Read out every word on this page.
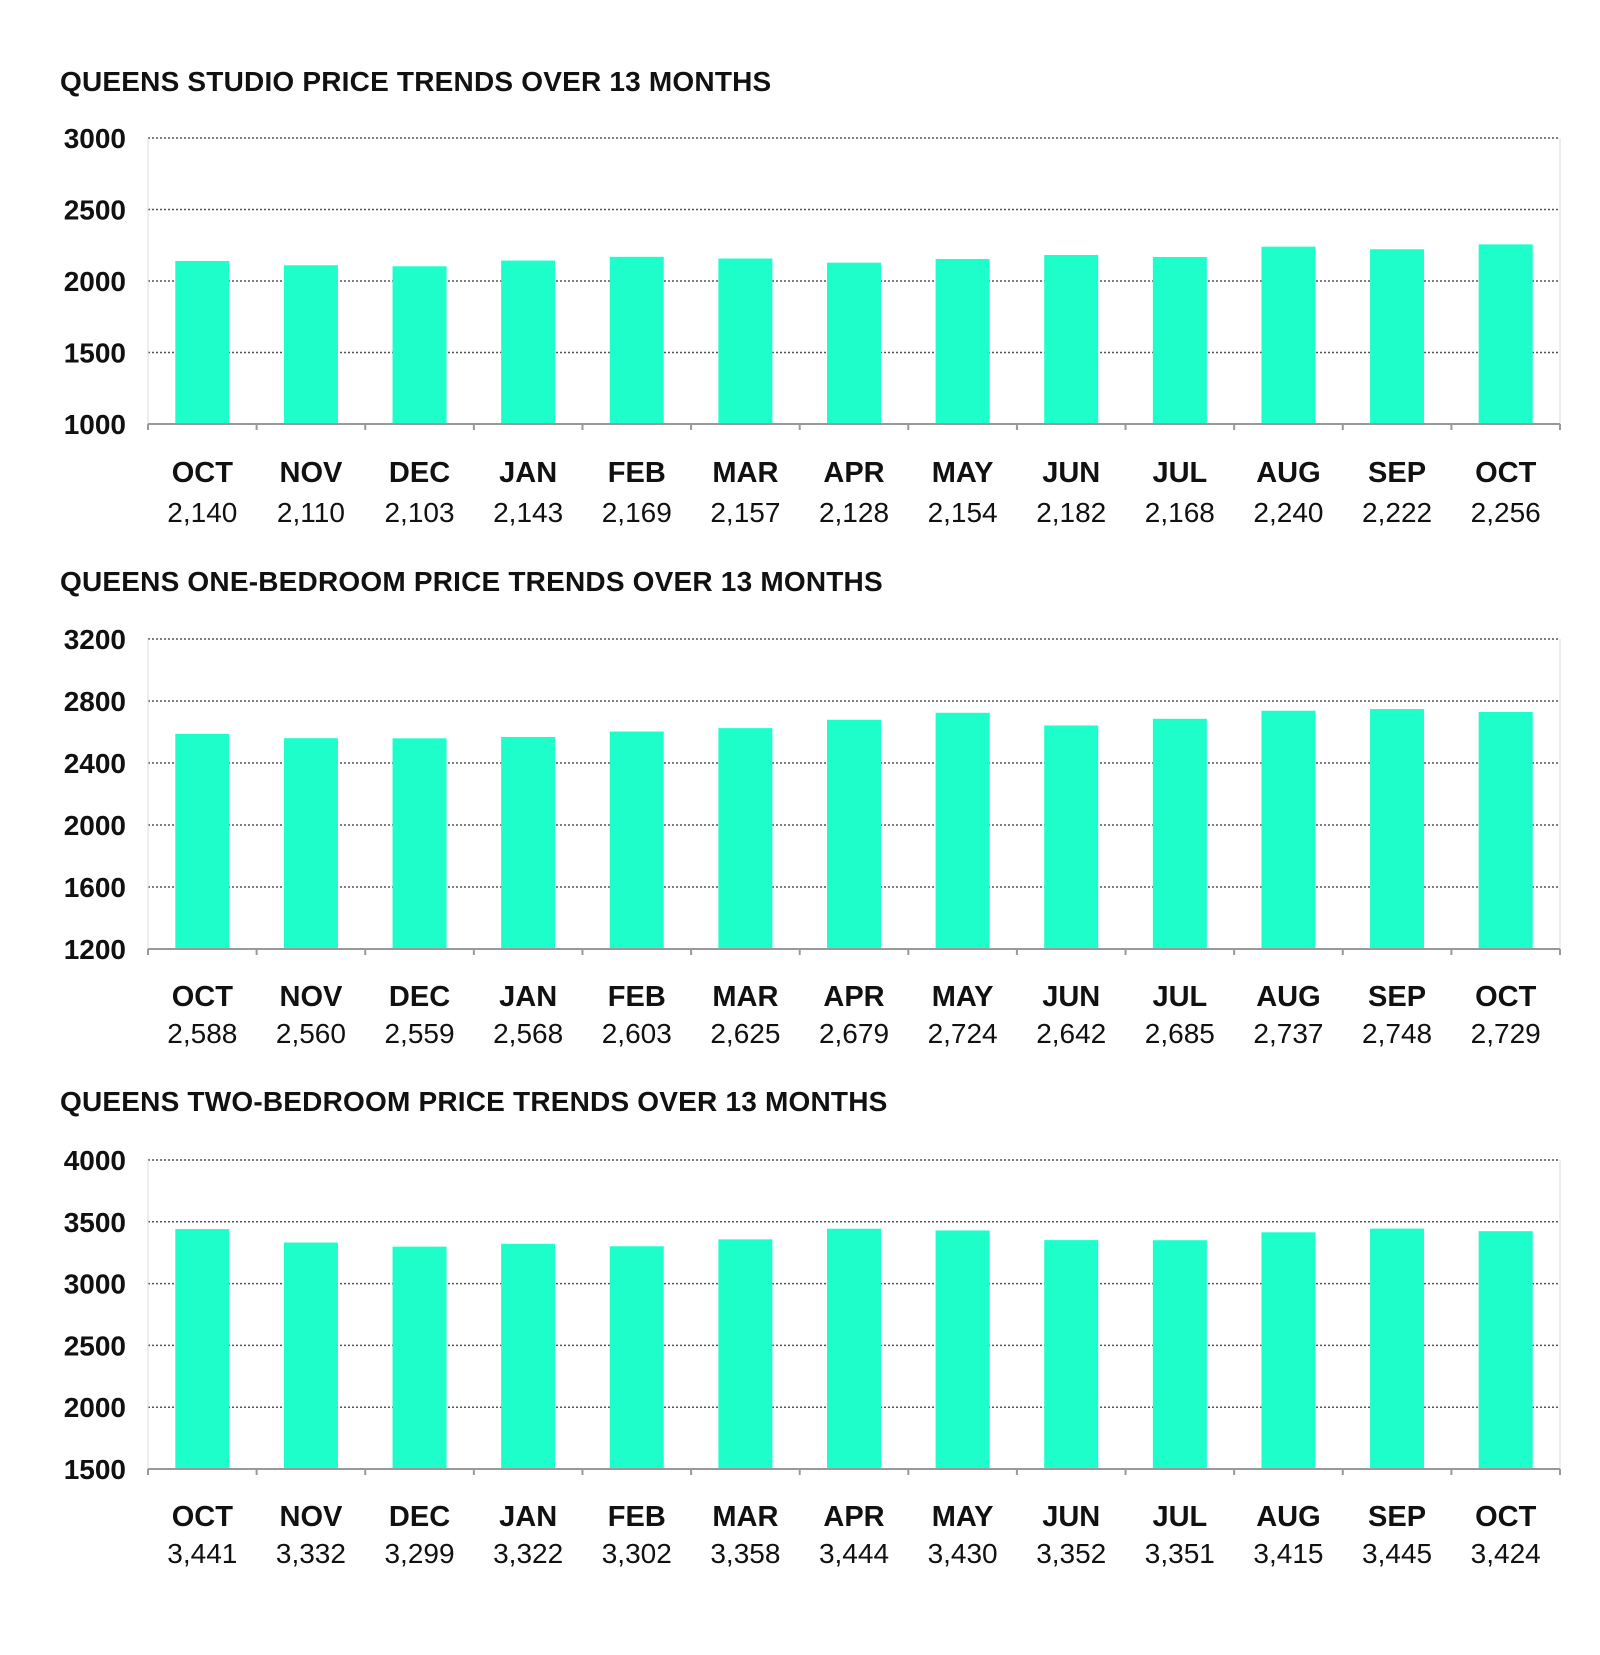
QUEENS STUDIO PRICE TRENDS OVER 13 MONTHS
1000
1500
2000
2500
3000
OCT
2,140
NOV
2,110
DEC
2,103
JAN
2,143
FEB
2,169
MAR
2,157
APR
2,128
MAY
2,154
JUN
2,182
JUL
2,168
AUG
2,240
SEP
2,222
OCT
2,256
QUEENS ONE-BEDROOM PRICE TRENDS OVER 13 MONTHS
1200
1600
2000
2400
2800
3200
OCT
2,588
NOV
2,560
DEC
2,559
JAN
2,568
FEB
2,603
MAR
2,625
APR
2,679
MAY
2,724
JUN
2,642
JUL
2,685
AUG
2,737
SEP
2,748
OCT
2,729
QUEENS TWO-BEDROOM PRICE TRENDS OVER 13 MONTHS
1500
2000
2500
3000
3500
4000
OCT
3,441
NOV
3,332
DEC
3,299
JAN
3,322
FEB
3,302
MAR
3,358
APR
3,444
MAY
3,430
JUN
3,352
JUL
3,351
AUG
3,415
SEP
3,445
OCT
3,424
